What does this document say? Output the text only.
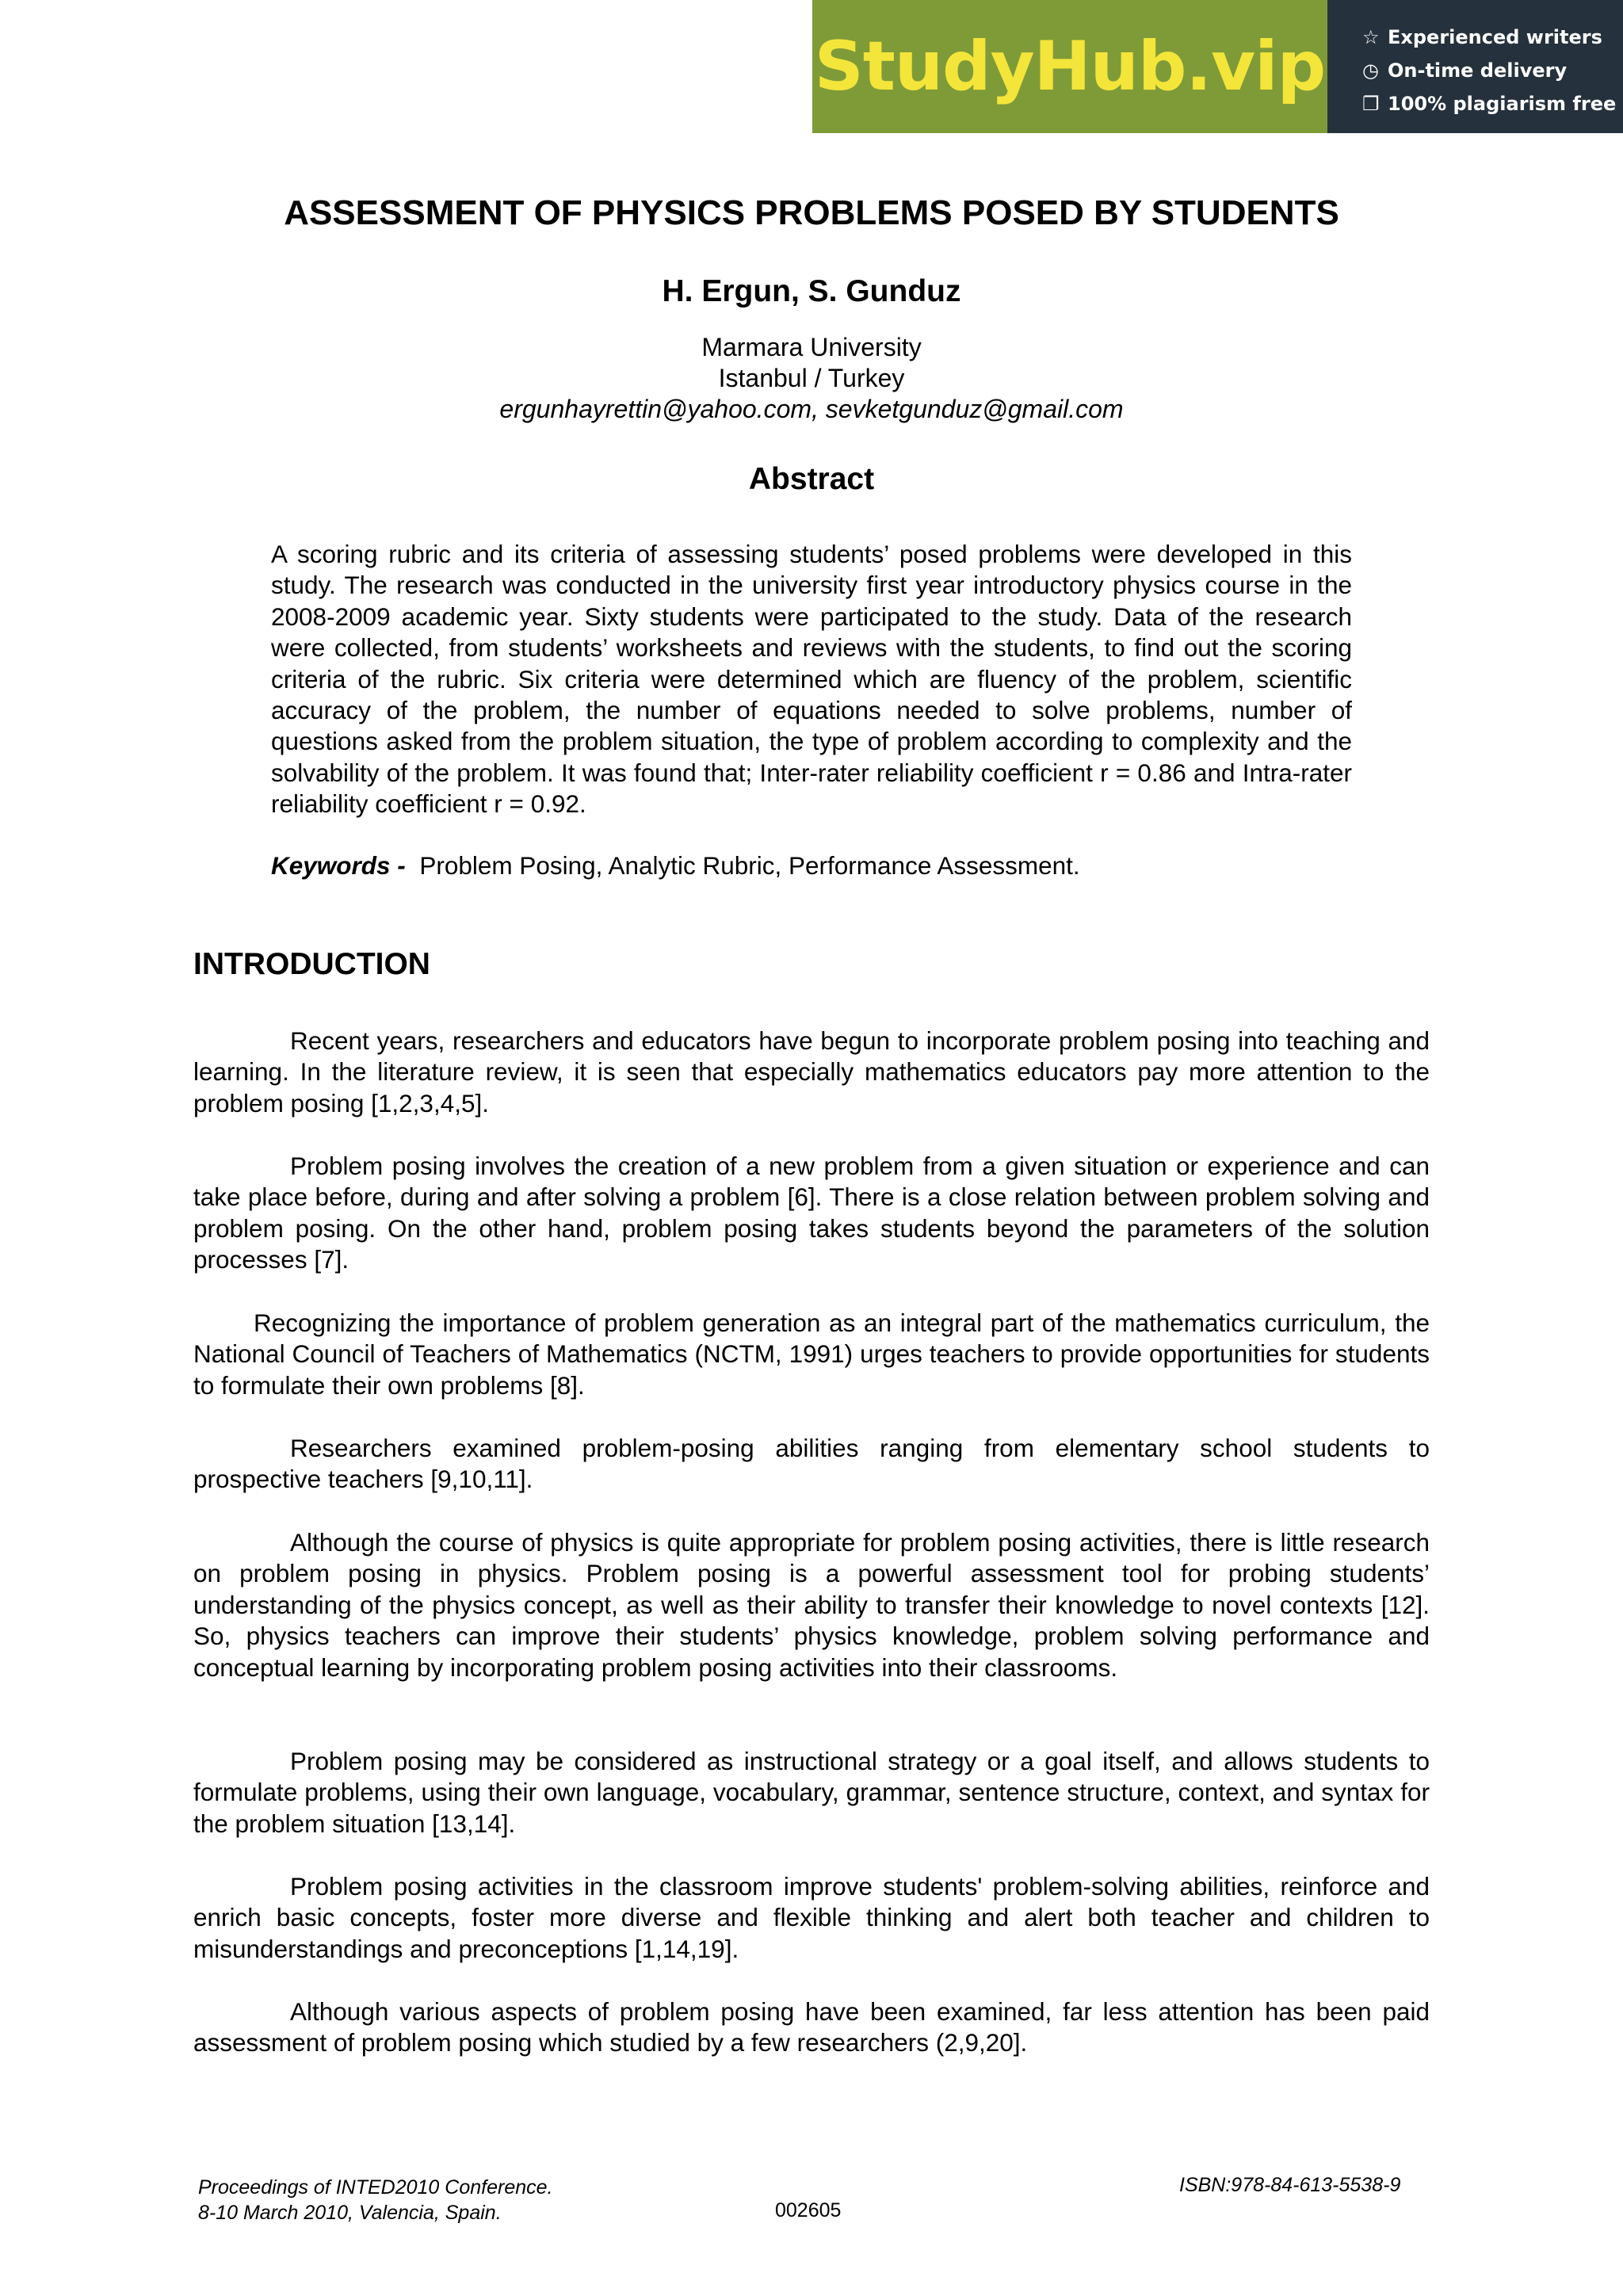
StudyHub.vip ☆ Experienced writers
◷ On-time delivery
❐ 100% plagiarism free
ASSESSMENT OF PHYSICS PROBLEMS POSED BY STUDENTS
H. Ergun, S. Gunduz
Marmara University
Istanbul / Turkey
ergunhayrettin@yahoo.com, sevketgunduz@gmail.com
Abstract

A scoring rubric and its criteria of assessing students’ posed problems were developed in this study. The research was conducted in the university first year introductory physics course in the 2008-2009 academic year. Sixty students were participated to the study. Data of the research were collected, from students’ worksheets and reviews with the students, to find out the scoring criteria of the rubric. Six criteria were determined which are fluency of the problem, scientific accuracy of the problem, the number of equations needed to solve problems, number of questions asked from the problem situation, the type of problem according to complexity and the solvability of the problem. It was found that; Inter-rater reliability coefficient r = 0.86 and Intra-rater reliability coefficient r = 0.92.

Keywords - Problem Posing, Analytic Rubric, Performance Assessment.

INTRODUCTION

Recent years, researchers and educators have begun to incorporate problem posing into teaching and learning. In the literature review, it is seen that especially mathematics educators pay more attention to the problem posing [1,2,3,4,5].

Problem posing involves the creation of a new problem from a given situation or experience and can take place before, during and after solving a problem [6]. There is a close relation between problem solving and problem posing. On the other hand, problem posing takes students beyond the parameters of the solution processes [7].

Recognizing the importance of problem generation as an integral part of the mathematics curriculum, the National Council of Teachers of Mathematics (NCTM, 1991) urges teachers to provide opportunities for students to formulate their own problems [8].

Researchers examined problem-posing abilities ranging from elementary school students to prospective teachers [9,10,11].

Although the course of physics is quite appropriate for problem posing activities, there is little research on problem posing in physics. Problem posing is a powerful assessment tool for probing students’ understanding of the physics concept, as well as their ability to transfer their knowledge to novel contexts [12]. So, physics teachers can improve their students’ physics knowledge, problem solving performance and conceptual learning by incorporating problem posing activities into their classrooms.

Problem posing may be considered as instructional strategy or a goal itself, and allows students to formulate problems, using their own language, vocabulary, grammar, sentence structure, context, and syntax for the problem situation [13,14].

Problem posing activities in the classroom improve students' problem-solving abilities, reinforce and enrich basic concepts, foster more diverse and flexible thinking and alert both teacher and children to misunderstandings and preconceptions [1,14,19].

Although various aspects of problem posing have been examined, far less attention has been paid assessment of problem posing which studied by a few researchers (2,9,20].

Proceedings of INTED2010 Conference.

8-10 March 2010, Valencia, Spain.	002605

ISBN:978-84-613-5538-9
